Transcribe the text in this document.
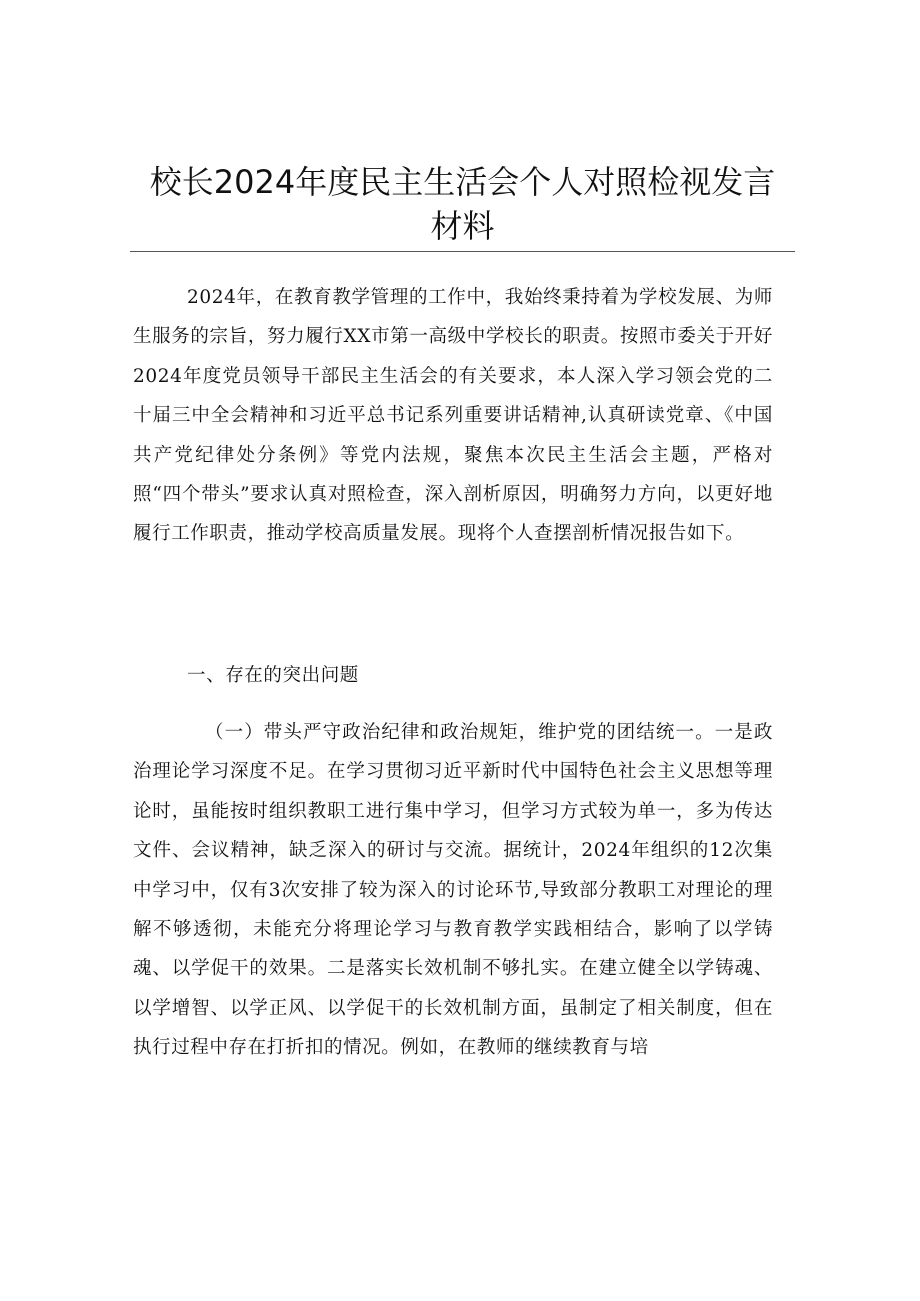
校长2024年度民主生活会个人对照检视发言
材料
2024年，在教育教学管理的工作中，我始终秉持着为学校发展、为师生服务的宗旨，努力履行XX市第一高级中学校长的职责。按照市委关于开好2024年度党员领导干部民主生活会的有关要求，本人深入学习领会党的二十届三中全会精神和习近平总书记系列重要讲话精神,认真研读党章、《中国共产党纪律处分条例》等党内法规，聚焦本次民主生活会主题，严格对照“四个带头”要求认真对照检查，深入剖析原因，明确努力方向，以更好地履行工作职责，推动学校高质量发展。现将个人查摆剖析情况报告如下。
一、存在的突出问题
（一）带头严守政治纪律和政治规矩，维护党的团结统一。一是政治理论学习深度不足。在学习贯彻习近平新时代中国特色社会主义思想等理论时，虽能按时组织教职工进行集中学习，但学习方式较为单一，多为传达文件、会议精神，缺乏深入的研讨与交流。据统计，2024年组织的12次集中学习中，仅有3次安排了较为深入的讨论环节,导致部分教职工对理论的理解不够透彻，未能充分将理论学习与教育教学实践相结合，影响了以学铸魂、以学促干的效果。二是落实长效机制不够扎实。在建立健全以学铸魂、以学增智、以学正风、以学促干的长效机制方面，虽制定了相关制度，但在执行过程中存在打折扣的情况。例如，在教师的继续教育与培
